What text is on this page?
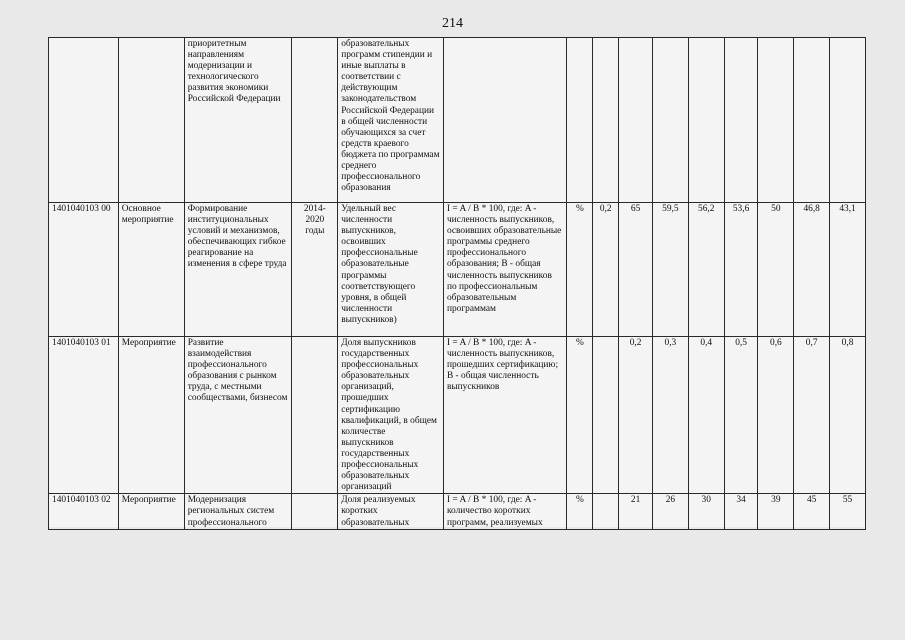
214
		приоритетным направлениям модернизации и технологического развития экономики Российской Федерации		образовательных программ стипендии и иные выплаты в соответствии с действующим законодательством Российской Федерации в общей численности обучающихся за счет средств краевого бюджета по программам среднего профессионального образования										
1401040103 00	Основное мероприятие	Формирование институциональных условий и механизмов, обеспечивающих гибкое реагирование на изменения в сфере труда	2014-2020 годы	Удельный вес численности выпускников, освоивших профессиональные образовательные программы соответствующего уровня, в общей численности выпускников)	I = A / B * 100, где: A - численность выпускников, освоивших образовательные программы среднего профессионального образования; B - общая численность выпускников по профессиональным образовательным программам	%	0,2	65	59,5	56,2	53,6	50	46,8	43,1
1401040103 01	Мероприятие	Развитие взаимодействия профессионального образования с рынком труда, с местными сообществами, бизнесом		Доля выпускников государственных профессиональных образовательных организаций, прошедших сертификацию квалификаций, в общем количестве выпускников государственных профессиональных образовательных организаций	I = A / B * 100, где: A - численность выпускников, прошедших сертификацию; B - общая численность выпускников	%		0,2	0,3	0,4	0,5	0,6	0,7	0,8
1401040103 02	Мероприятие	Модернизация региональных систем профессионального		Доля реализуемых коротких образовательных	I = A / B * 100, где: A - количество коротких программ, реализуемых	%		21	26	30	34	39	45	55
